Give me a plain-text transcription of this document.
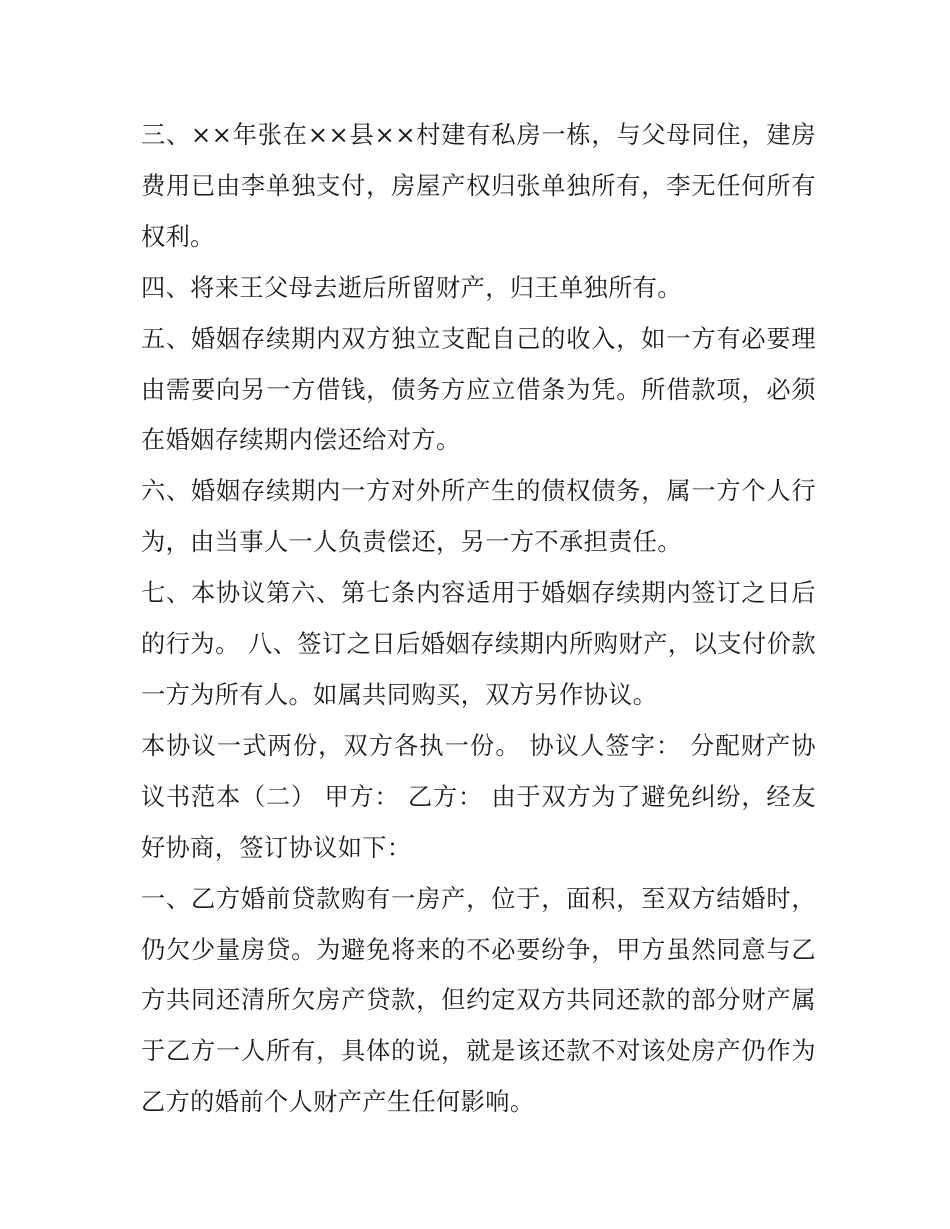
三、××年张在××县××村建有私房一栋，与父母同住，建房费用已由李单独支付，房屋产权归张单独所有，李无任何所有权利。

四、将来王父母去逝后所留财产，归王单独所有。

五、婚姻存续期内双方独立支配自己的收入，如一方有必要理由需要向另一方借钱，债务方应立借条为凭。所借款项，必须在婚姻存续期内偿还给对方。

六、婚姻存续期内一方对外所产生的债权债务，属一方个人行为，由当事人一人负责偿还，另一方不承担责任。

七、本协议第六、第七条内容适用于婚姻存续期内签订之日后的行为。 八、签订之日后婚姻存续期内所购财产，以支付价款一方为所有人。如属共同购买，双方另作协议。

本协议一式两份，双方各执一份。 协议人签字： 分配财产协议书范本（二） 甲方： 乙方： 由于双方为了避免纠纷，经友好协商，签订协议如下：

一、乙方婚前贷款购有一房产，位于，面积，至双方结婚时，仍欠少量房贷。为避免将来的不必要纷争，甲方虽然同意与乙方共同还清所欠房产贷款，但约定双方共同还款的部分财产属于乙方一人所有，具体的说，就是该还款不对该处房产仍作为乙方的婚前个人财产产生任何影响。
